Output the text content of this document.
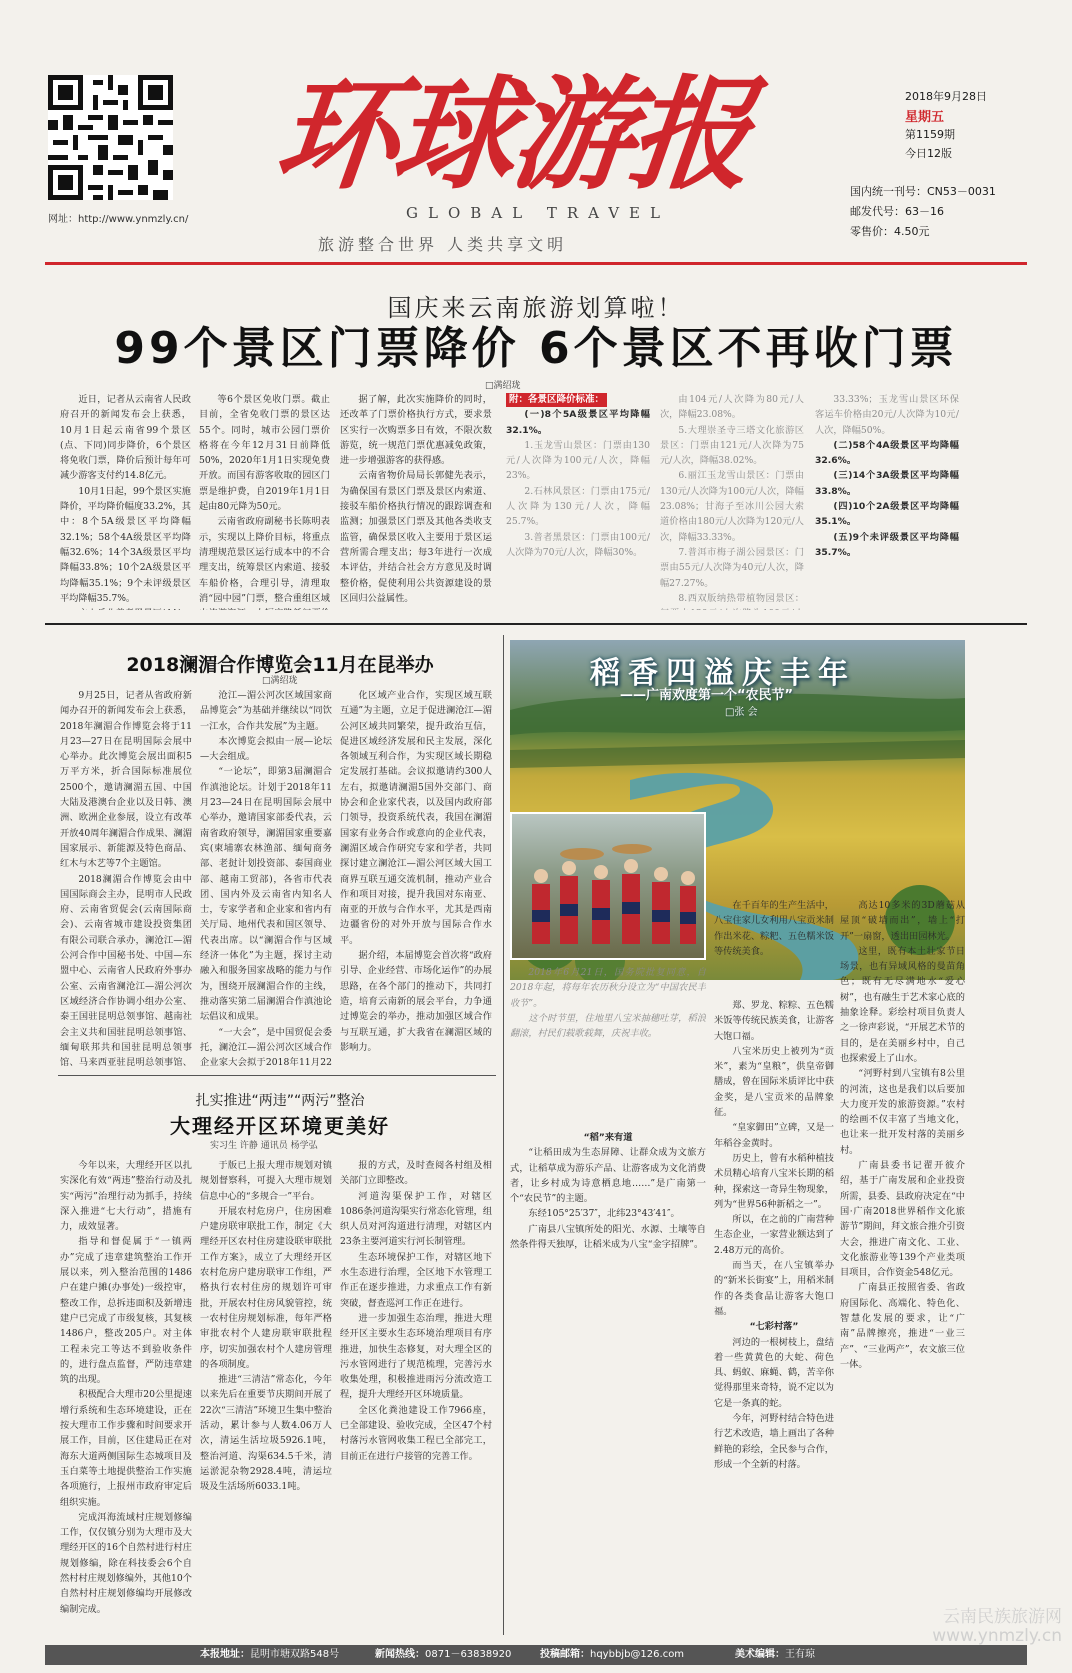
网址：http://www.ynmzly.cn/
环球游报
GLOBAL TRAVEL
旅游整合世界 人类共享文明
2018年9月28日
星期五
第1159期
今日12版
国内统一刊号：CN53－0031
邮发代号：63－16
零售价：4.50元
国庆来云南旅游划算啦！
99个景区门票降价 6个景区不再收门票
□满绍珑

近日，记者从云南省人民政府召开的新闻发布会上获悉，10月1日起云南省99个景区(点、下同)同步降价，6个景区将免收门票，降价后预计每年可减少游客支付约14.8亿元。

10月1日起，99个景区实施降价，平均降价幅度33.2%，其中：8个5A级景区平均降幅32.1%；58个4A级景区平均降幅32.6%；14个3A级景区平均降幅33.8%；10个2A级景区平均降幅35.1%；9个未评级景区平均降幅35.7%。

等6个景区免收门票。截止目前，全省免收门票的景区达55个。同时，城市公园门票价格将在今年12月31日前降低50%，2020年1月1日实现免费开放。而国有游客收取的园区门票是维护费，自2019年1月1日起由80元降为50元。

云南省政府副秘书长陈明表示，实现以上降价目标，将重点清理规范景区运行成本中的不合理支出，统筹景区内索道、接驳车船价格，合理引导，清理取消“园中园”门票，整合重组区域

据了解，此次实施降价的同时，还改革了门票价格执行方式，要求景区实行一次购票多日有效，不限次数游览，统一规范门票优惠减免政策，进一步增强游客的获得感。

云南省物价局局长郭健先表示，为确保国有景区门票及景区内索道、接驳车船价格执行情况的跟踪调查和监测；加强景区门票及其他各类收支监管，确保景区收入主要用于景区运营所需合理支出；每3年进行一次成本评估，并结合社会方方意见及时调整价格，促使利用公共资源建设的景区回归公益属性。

附：各景区降价标准：

(一)8个5A级景区平均降幅32.1%。

1.玉龙雪山景区：门票由130元/人次降为100元/人次，降幅23%。

2.石林风景区：门票由175元/人次降为130元/人次，降幅25.7%。

3.普者黑景区：门票由100元/人次降为70元/人次，降幅30%。

由104元/人次降为80元/人次，降幅23.08%。

5.大理崇圣寺三塔文化旅游区景区：门票由121元/人次降为75元/人次，降幅38.02%。

6.丽江玉龙雪山景区：门票由130元/人次降为100元/人次，降幅23.08%；甘海子至冰川公园大索道价格由180元/人次降为120元/人次，降幅33.33%。

7.普洱市梅子湖公园景区：门票由55元/人次降为40元/人次，降幅27.27%。

8.西双版纳热带植物园景区：

33.33%；玉龙雪山景区环保客运车价格由20元/人次降为10元/人次，降幅50%。

(二)58个4A级景区平均降幅32.6%。

(三)14个3A级景区平均降幅33.8%。

(四)10个2A级景区平均降幅35.1%。

(五)9个未评级景区平均降幅35.7%。

2018澜湄合作博览会11月在昆举办
□满绍珑

9月25日，记者从省政府新闻办召开的新闻发布会上获悉，2018年澜湄合作博览会将于11月23—27日在昆明国际会展中心举办。此次博览会展出面积5万平方米，折合国际标准展位2500个，邀请澜湄五国、中国大陆及港澳台企业以及日韩、澳洲、欧洲企业参展，设立有改革开放40周年澜湄合作成果、澜湄国家展示、新能源及特色商品、红木与木艺等7个主题馆。

2018澜湄合作博览会由中国国际商会主办，昆明市人民政府、云南省贸促会(云南国际商会)、云南省城市建设投资集团有限公司联合承办，澜沧江—湄公河合作中国秘书处、中国—东盟中心、云南省人民政府外事办公室、云南省澜沧江—湄公河次区域经济合作协调小组办公室、泰王国驻昆明总领事馆、越南社会主义共和国驻昆明总领事馆、缅甸联邦共和国驻昆明总领事馆、马来西亚驻昆明总领事馆、

沧江—湄公河次区域国家商品博览会”为基础并继续以“同饮一江水，合作共发展”为主题。

本次博览会拟由一展—论坛—大会组成。

“一论坛”，即第3届澜湄合作滇池论坛。计划于2018年11月23—24日在昆明国际会展中心举办，邀请国家部委代表，云南省政府领导，澜湄国家重要嘉宾(柬埔寨农林渔部、缅甸商务部、老挝计划投资部、泰国商业部、越南工贸部)，各省市代表团、国内外及云南省内知名人士，专家学者和企业家和省内有关厅局、地州代表和国区领导、代表出席。以“澜湄合作与区域经济一体化”为主题，探讨主动融入和服务国家战略的能力与作为，围绕开展澜湄合作的主线，推动落实第二届澜湄合作滇池论坛倡议和成果。

“一大会”，是中国贸促会委托，澜沧江—湄公河次区域合作企业家大会拟于2018年11月22

化区域产业合作，实现区域互联互通”为主题，立足于促进澜沧江—湄公河区域共同繁荣，提升政治互信，促进区域经济发展和民主发展，深化各领域互利合作，为实现区域长期稳定发展打基础。会议拟邀请约300人左右，拟邀请澜湄5国外交部门、商协会和企业家代表，以及国内政府部门领导，投资系统代表，我国在澜湄国家有业务合作或意向的企业代表，澜湄区域合作研究专家和学者，共同探讨建立澜沧江—湄公河区域大国工商界互联互通交流机制，推动产业合作和项目对接，提升我国对东南亚、南亚的开放与合作水平，尤其是西南边疆省份的对外开放与国际合作水平。

据介绍，本届博览会首次将“政府引导、企业经营、市场化运作”的办展思路，在各个部门的推动下，共同打造，培育云南新的展会平台，力争通过博览会的举办，推动加强区域合作与互联互通，扩大我省在澜湄区域的影响力。

扎实推进“两违”“两污”整治
大理经开区环境更美好
实习生 许静 通讯员 杨学弘

今年以来，大理经开区以扎实深化有效“两违”整治行动及扎实“两污”治理行动为抓手，持续深入推进“七大行动”，措施有力，成效显著。

指导和督促属于“一镇两办”完成了违章建筑整治工作开展以来，列入整治范围的1486户在建户摊(办事处)一级控审，整改工作，总拆违面积及新增违建户已完成了市级复核，其复核1486户，整改205户。对主体工程未完工等达不到验收条件的，进行盘点监督，严防违章建筑的出现。

积极配合大理市20公里提速增行系统和生态环境建设，正在按大理市工作步骤和时间要求开展工作，目前，区住建局正在对海东大道两侧国际生态城项目及玉白菜等土地提供整治工作实施各项施行，上报州市政府审定后组织实施。

完成洱海流域村庄规划修编工作，仅仅镇分别为大理市及大理经开区的16个自然村进行村庄规划修编，除在科技委会6个自然村村庄规划修编外，其他10个自然村村庄规划修编均开展修改编制完成。

于版已上报大理市规划对镇规划督察科，可提入大理市规划信息中心的“多规合一”平台。

开展农村危房户，住房困难户建房联审联批工作，制定《大理经开区农村住房建设联审联批工作方案》，成立了大理经开区农村危房户建房联审工作组，严格执行农村住房的规划许可审批，开展农村住房风貌管控，统一农村住房规划标准，每年严格审批农村个人建房联审联批程序，切实加强农村个人建房管理的各项制度。

推进“三清洁”常态化，今年以来先后在重要节庆期间开展了22次“三清洁”环境卫生集中整治活动，累计参与人数4.06万人次，清运生活垃圾5926.1吨，整治河道、沟渠634.5千米，清运淤泥杂物2928.4吨，清运垃圾及生活场所6033.1吨。

报的方式，及时查阅各村组及相关部门立即整改。

河道沟渠保护工作，对辖区1086条河道沟渠实行常态化管理，组织人员对河沟道进行清理，对辖区内23条主要河道实行河长制管理。

生态环境保护工作，对辖区地下水生态进行治理，全区地下水管理工作正在逐步推进，力求重点工作有新突破，督查巡河工作正在进行。

进一步加强生态治理，推进大理经开区主要水生态环境治理项目有序推进，加快生态修复，对大理全区的污水管网进行了规范梳理，完善污水收集处理，积极推进雨污分流改造工程，提升大理经开区环境质量。

全区化粪池建设工作7966座，已全部建设、验收完成，全区47个村村落污水管网收集工程已全部完工，目前正在进行户接管的完善工作。

稻香四溢庆丰年
——广南欢度第一个“农民节”
□张 会

在千百年的生产生活中，八宝住家儿女利用八宝贡米制作出米花、粽粑、五色糯米饭等传统美食。

高达10多米的3D蘑菇从屋顶“破墙而出”，墙上“打开”一扇窗，透出田园林光。

这里，既有本土壮家节日场景，也有异域风格的曼苗角色；既有无尽满地水“爱心树”，也有融生于艺术家心底的抽象诠释。彩绘村项目负责人之一徐声彩说，“开展艺术节的目的，是在美丽乡村中，自己也探索爱上了山水。

“河野村到八宝镇有8公里的河流，这也是我们以后要加大力度开发的旅游资源。”农村的绘画不仅丰富了当地文化，也让来一批开发村落的美丽乡村。

广南县委书记翟开彼介绍，基于广南发展和企业投资所需，县委、县政府决定在“中国·广南2018世界稻作文化旅游节”期间，拜文旅合推介引资大会，推进广南文化、工业、文化旅游业等139个产业类项目项目，合作资金548亿元。

广南县正按照省委、省政府国际化、高端化、特色化、智慧化发展的要求，让“广南”品牌擦亮，推进“一业三产”、“三业两产”，农文旅三位一体。

2018年6月21日，国务院批复同意，自2018年起，将每年农历秋分设立为“中国农民丰收节”。

这个时节里，住地里八宝米抽穗吐芽，稻浪翻滚，村民们载歌载舞，庆祝丰收。

“稻”来有道

“让稻田成为生态屏障、让群众成为文旅方式，让稻草成为游乐产品、让游客成为文化消费者，让乡村成为诗意栖息地……”是广南第一个“农民节”的主题。

东经105°25′37″，北纬23°43′41″。

广南县八宝镇所处的阳光、水源、土壤等自然条件得天独厚，让稻米成为八宝“金字招牌”。

郑、罗龙、粽粽、五色糯米饭等传统民族美食，让游客大饱口福。

八宝米历史上被列为“贡米”，素为“皇粮”，供皇帝御膳成，曾在国际米质评比中获金奖，是八宝贡米的品牌象征。

“皇家御田”立碑，又是一年稻谷金黄时。

历史上，曾有水稻种植技术员精心培育八宝米长期的稻种，探索这一奇异生物现象，列为“世界56种新稻之一”。

所以，在之前的广南营种生态企业，一家营业额达到了2.48万元的高价。

而当天，在八宝镇举办的“新米长街宴”上，用稻米制作的各类食品让游客大饱口福。

“七彩村落”

河边的一根树枝上，盘结着一些黄黄色的大蛇、荷色具、蚂蚁、麻蝇、鹤，苦辛你觉得那里来奇特，说不定以为它是一条真的蛇。

今年，河野村结合特色进行艺术改造，墙上画出了各种鲜艳的彩绘，全民参与合作，形成一个全新的村落。

本报地址：昆明市塘双路548号	新闻热线：0871－63838920	投稿邮箱：hqybbjb@126.com	美术编辑：王有琼
云南民族旅游网
www.ynmzly.cn
